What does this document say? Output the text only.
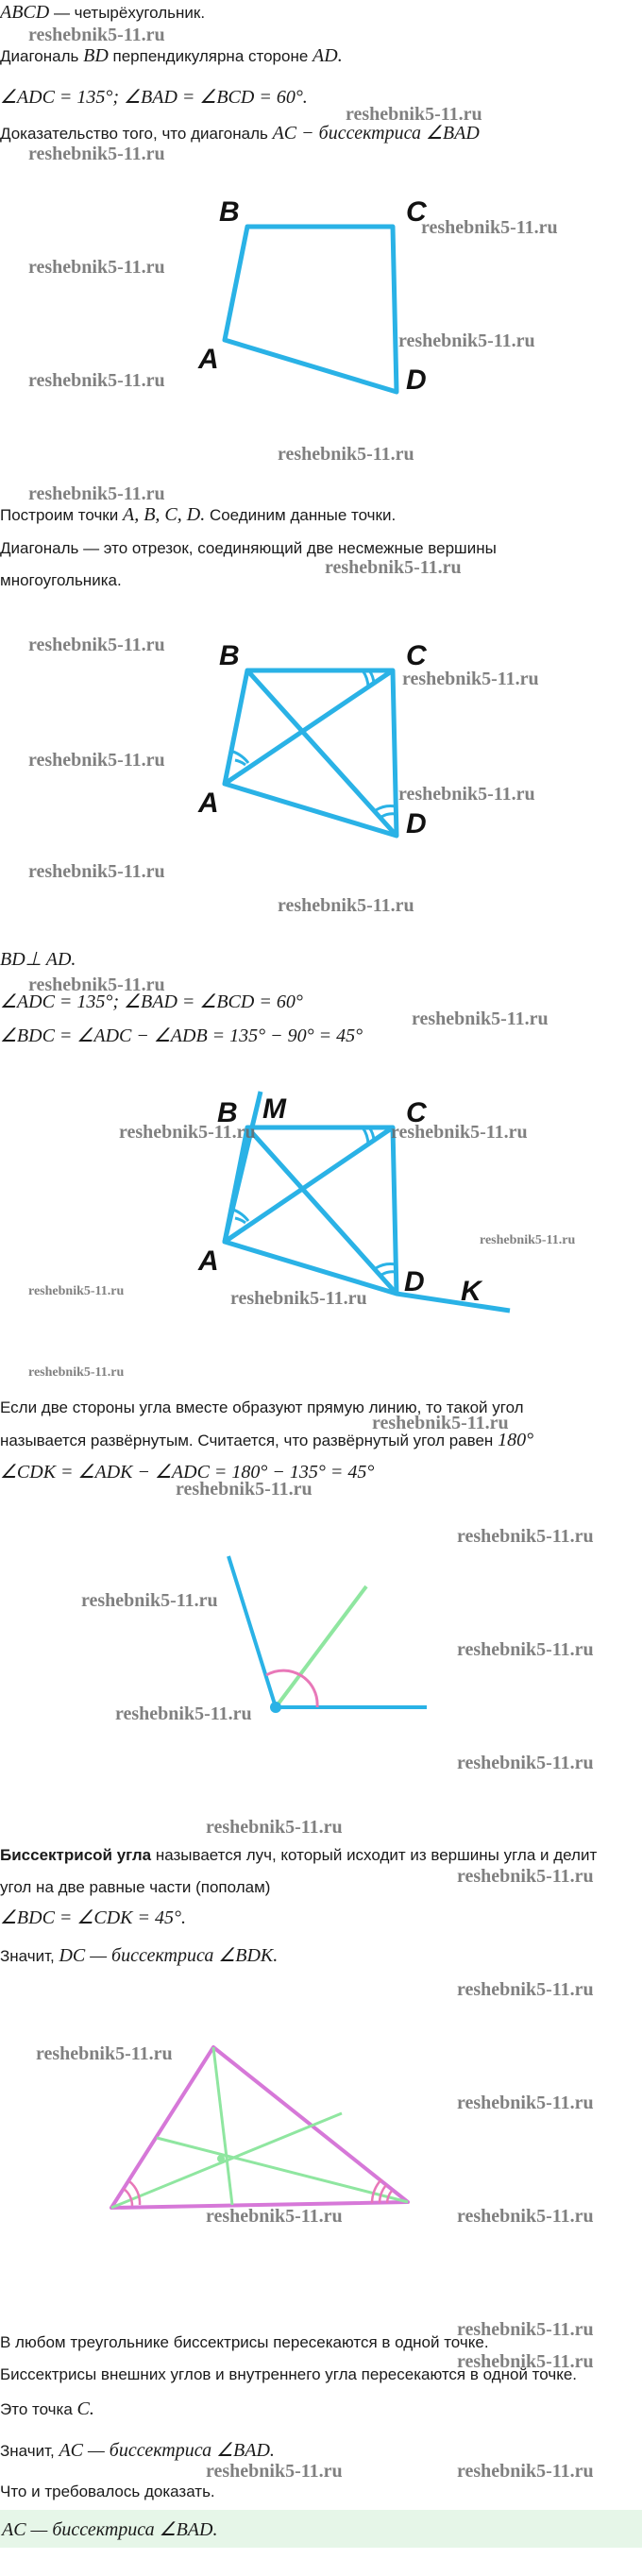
ABCD — четырёхугольник.
Диагональ BD перпендикулярна стороне AD.
∠ADC = 135°; ∠BAD = ∠BCD = 60°.
Доказательство того, что диагональ AC − биссектриса ∠BAD
B	C
A
D
Построим точки A, B, C, D. Соединим данные точки.
Диагональ — это отрезок, соединяющий две несмежные вершины
многоугольника.
B	C
A
D
BD⊥ AD.
∠ADC = 135°; ∠BAD = ∠BCD = 60°
∠BDC = ∠ADC − ∠ADB = 135° − 90° = 45°
B M	C
A
D K
Если две стороны угла вместе образуют прямую линию, то такой угол
называется развёрнутым. Считается, что развёрнутый угол равен 180°
∠CDK = ∠ADK − ∠ADC = 180° − 135° = 45°
Биссектрисой угла называется луч, который исходит из вершины угла и делит
угол на две равные части (пополам)
∠BDC = ∠CDK = 45°.
Значит, DC — биссектриса ∠BDK.
В любом треугольнике биссектрисы пересекаются в одной точке.
Биссектрисы внешних углов и внутреннего угла пересекаются в одной точке.
Это точка C.
Значит, AC — биссектриса ∠BAD.
Что и требовалось доказать.
AC — биссектриса ∠BAD.
reshebnik5-11.ru
reshebnik5-11.ru
reshebnik5-11.ru
reshebnik5-11.ru
reshebnik5-11.ru
reshebnik5-11.ru
reshebnik5-11.ru
reshebnik5-11.ru
reshebnik5-11.ru
reshebnik5-11.ru
reshebnik5-11.ru
reshebnik5-11.ru
reshebnik5-11.ru
reshebnik5-11.ru
reshebnik5-11.ru
reshebnik5-11.ru
reshebnik5-11.ru
reshebnik5-11.ru
reshebnik5-11.ru	reshebnik5-11.ru
reshebnik5-11.ru
reshebnik5-11.ru	reshebnik5-11.ru
reshebnik5-11.ru
reshebnik5-11.ru
reshebnik5-11.ru
reshebnik5-11.ru
reshebnik5-11.ru
reshebnik5-11.ru
reshebnik5-11.ru
reshebnik5-11.ru
reshebnik5-11.ru
reshebnik5-11.ru
reshebnik5-11.ru
reshebnik5-11.ru
reshebnik5-11.ru
reshebnik5-11.ru	reshebnik5-11.ru
reshebnik5-11.ru
reshebnik5-11.ru
reshebnik5-11.ru	reshebnik5-11.ru
